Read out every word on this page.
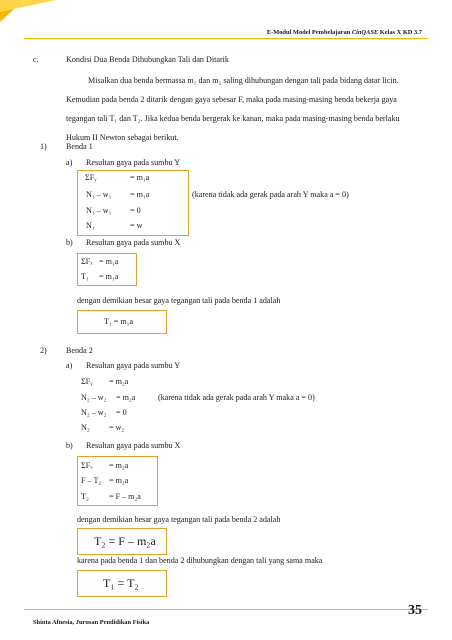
E-Modul Model Pembelajaran CinQASE Kelas X KD 3.7
c.	Kondisi Dua Benda Dihubungkan Tali dan Ditarik
Misalkan dua benda bermassa m₁ dan m₂ saling dihubungan dengan tali pada bidang datar licin.
Kemudian pada benda 2 ditarik dengan gaya sebesar F, maka pada masing-masing benda bekerja gaya
tegangan tali T₁ dan T₂. Jika kedua benda bergerak ke kanan, maka pada masing-masing benda berlaku
Hukum II Newton sebagai berikut.
1) Benda 1
a) Resultan gaya pada sumbu Y
ΣFᵧ	= m₁a
N₁ – w₁ = m₁a
N₁ – w₁ = 0
N₁	= w
(karena tidak ada gerak pada arah Y maka a = 0)
b) Resultan gaya pada sumbu X
ΣFₓ = m₁a
T₁ = m₁a
dengan demikian besar gaya tegangan tali pada benda 1 adalah
T₁ = m₁a
2) Benda 2
a) Resultan gaya pada sumbu Y
ΣFᵧ = m₂a
N₂ – w₂ = m₂a
N₂ – w₂ = 0
N₂ = w₂
(karena tidak ada gerak pada arah Y maka a = 0)
b) Resultan gaya pada sumbu X
ΣFₓ = m₂a
F – T₂ = m₂a
T₂ = F – m₂a
dengan demikian besar gaya tegangan tali pada benda 2 adalah
T₂ = F – m₂a
karena pada benda 1 dan benda 2 dihubungkan dengan tali yang sama maka
T₁ = T₂
Shinta Afnesia, Jurusan Pendidikan Fisika
35
